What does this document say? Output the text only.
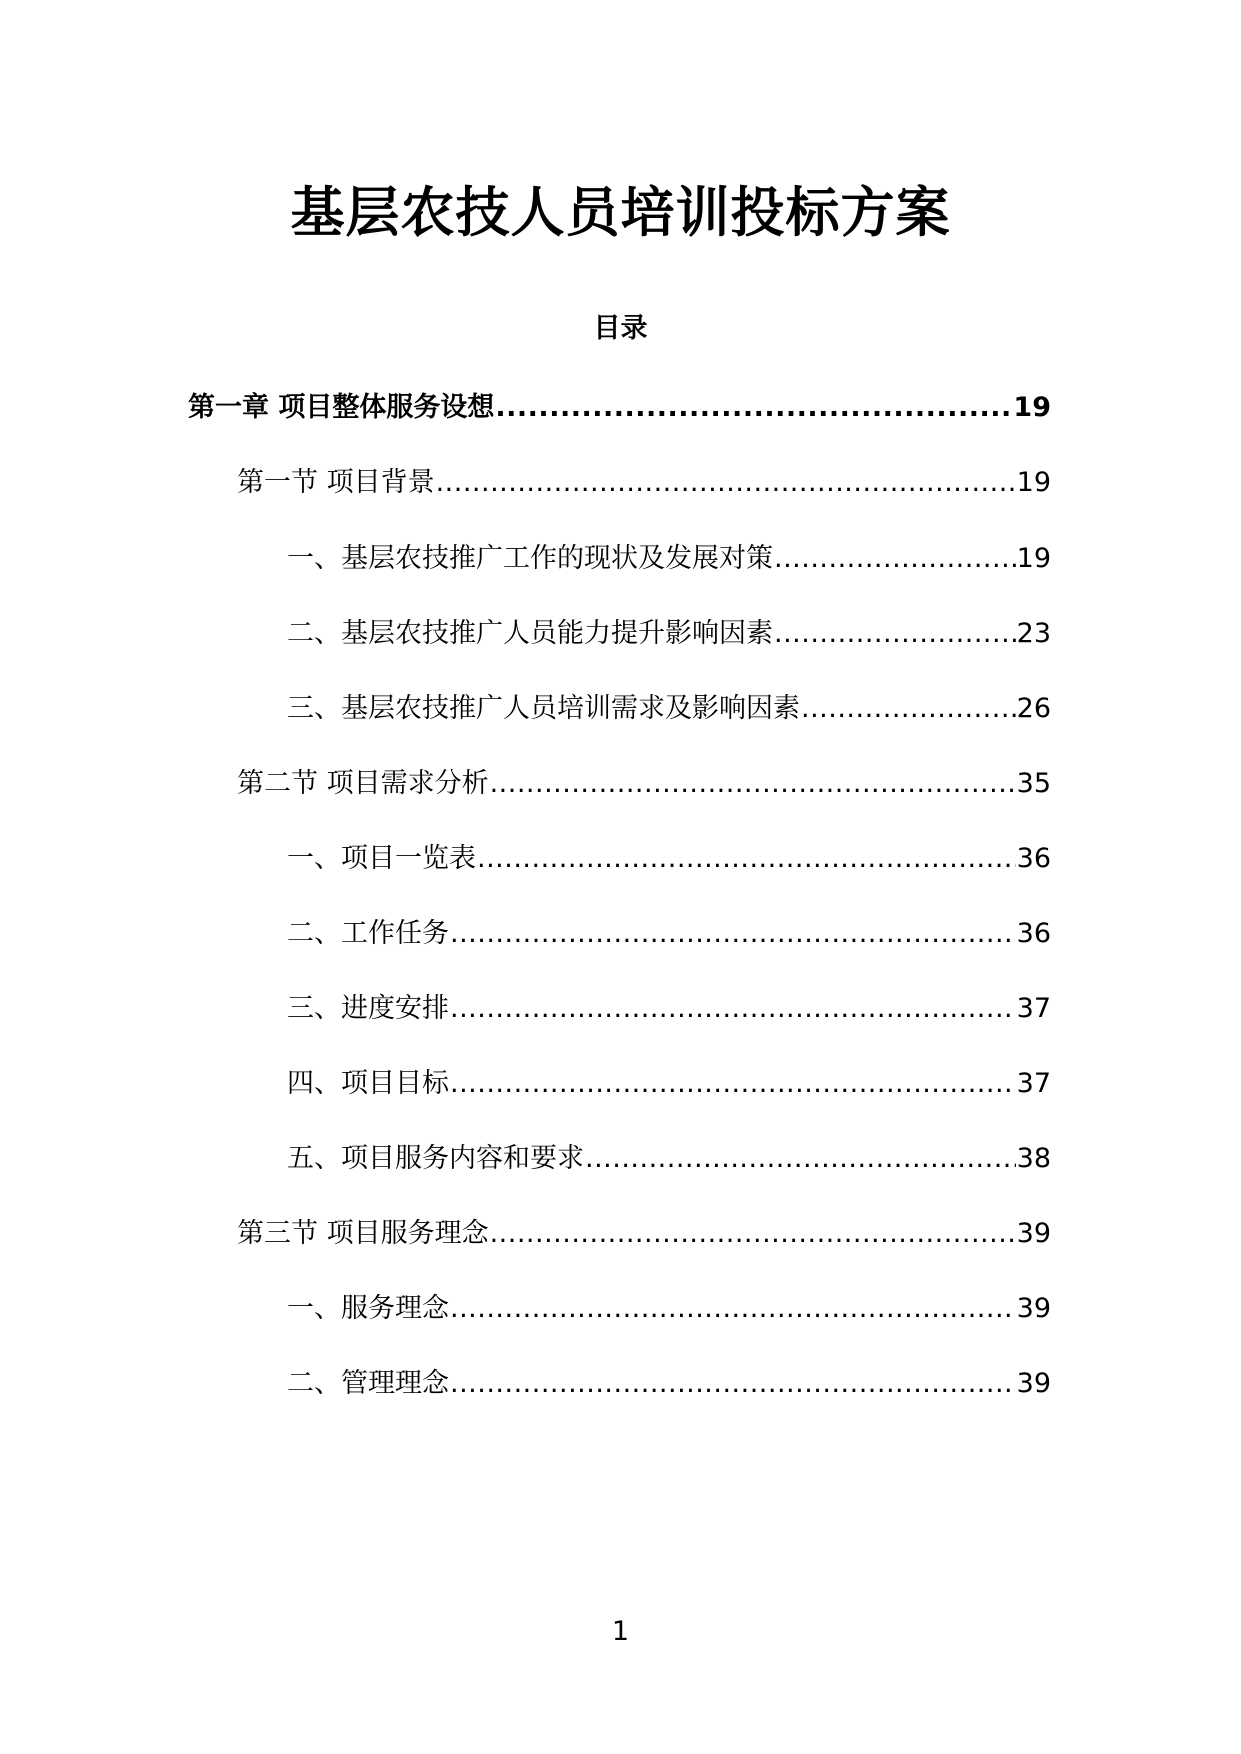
基层农技人员培训投标方案
目录
第一章 项目整体服务设想 .....	19
第一节 项目背景 .....	19
一、基层农技推广工作的现状及发展对策 .....	19
二、基层农技推广人员能力提升影响因素 .....	23
三、基层农技推广人员培训需求及影响因素 .....	26
第二节 项目需求分析 .....	35
一、项目一览表 .....	36
二、工作任务 .....	36
三、进度安排 .....	37
四、项目目标 .....	37
五、项目服务内容和要求 .....	38
第三节 项目服务理念 .....	39
一、服务理念 .....	39
二、管理理念 .....	39
1
